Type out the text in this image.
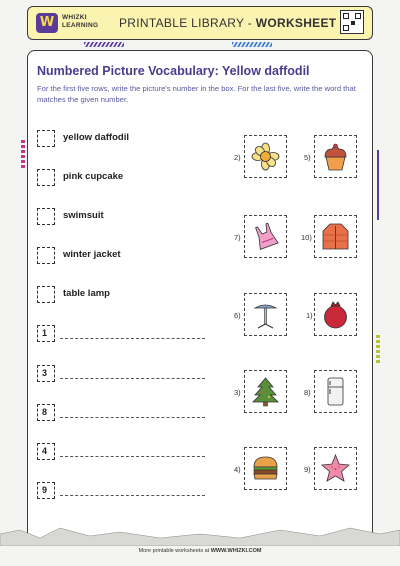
W	WHIZKI
LEARNING PRINTABLE LIBRARY - WORKSHEET
Numbered Picture Vocabulary: Yellow daffodil
For the first five rows, write the picture's number in the box. For the last five, write the word that matches the given number.
yellow daffodil
pink cupcake
swimsuit
winter jacket
table lamp
1
3
8
4
9
2)	5)
7)	10)
6)	1)
3)	8)
4)	9)
More printable worksheets at WWW.WHIZKI.COM
